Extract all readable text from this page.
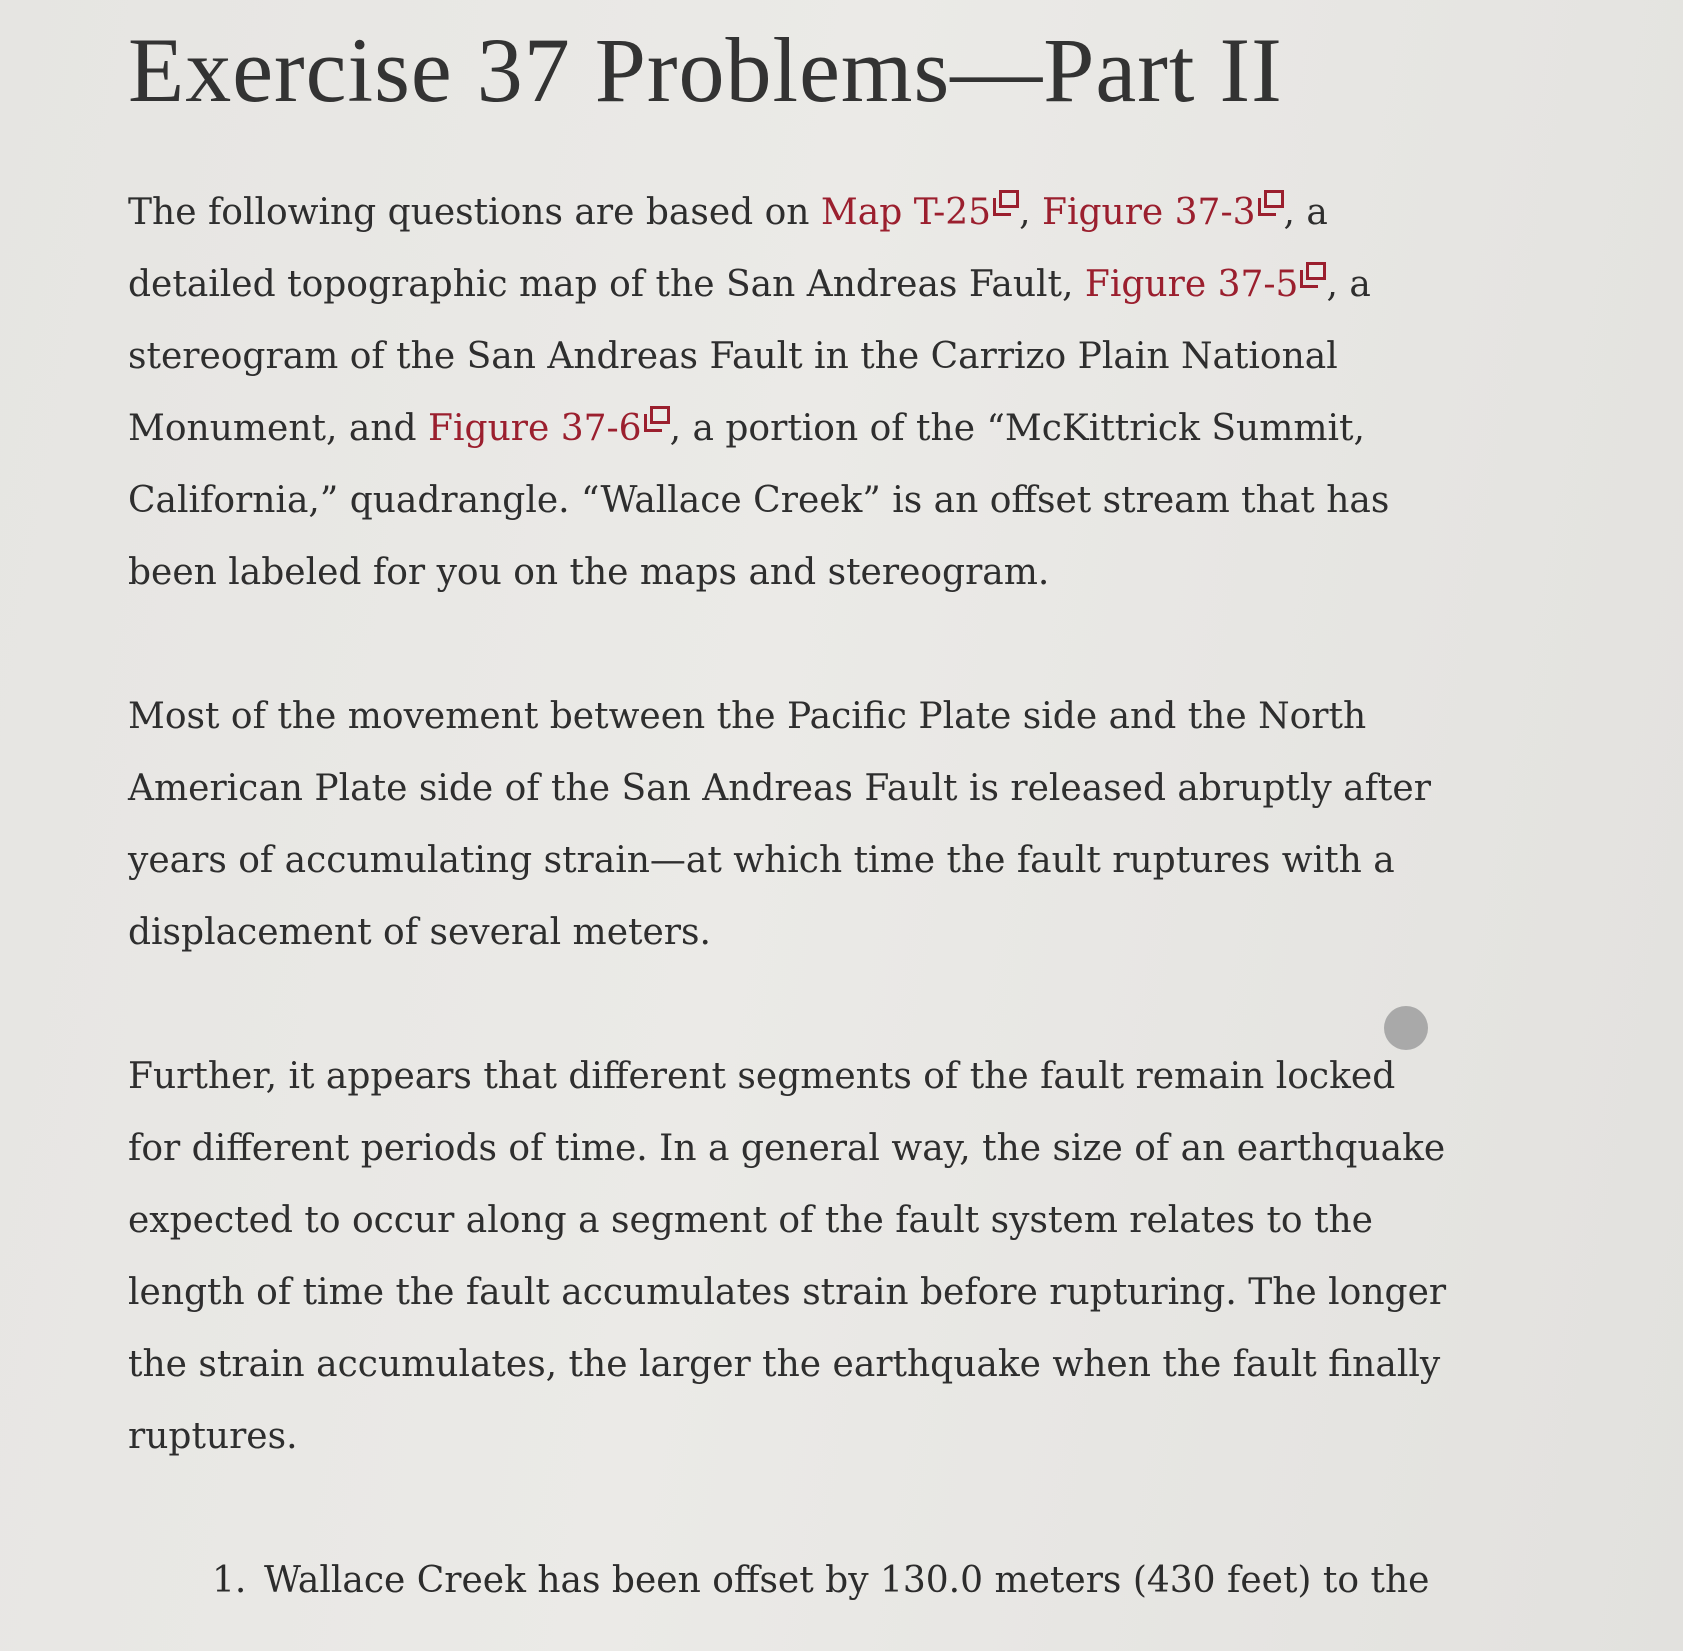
Exercise 37 Problems—Part II

The following questions are based on Map T-25 , Figure 37-3 , a detailed topographic map of the San Andreas Fault, Figure 37-5 , a stereogram of the San Andreas Fault in the Carrizo Plain National Monument, and Figure 37-6 , a portion of the “McKittrick Summit, California,” quadrangle. “Wallace Creek” is an offset stream that has been labeled for you on the maps and stereogram.

Most of the movement between the Pacific Plate side and the North American Plate side of the San Andreas Fault is released abruptly after years of accumulating strain—at which time the fault ruptures with a displacement of several meters.

Further, it appears that different segments of the fault remain locked for different periods of time. In a general way, the size of an earthquake expected to occur along a segment of the fault system relates to the length of time the fault accumulates strain before rupturing. The longer the strain accumulates, the larger the earthquake when the fault finally ruptures.

1. Wallace Creek has been offset by 130.0 meters (430 feet) to the
